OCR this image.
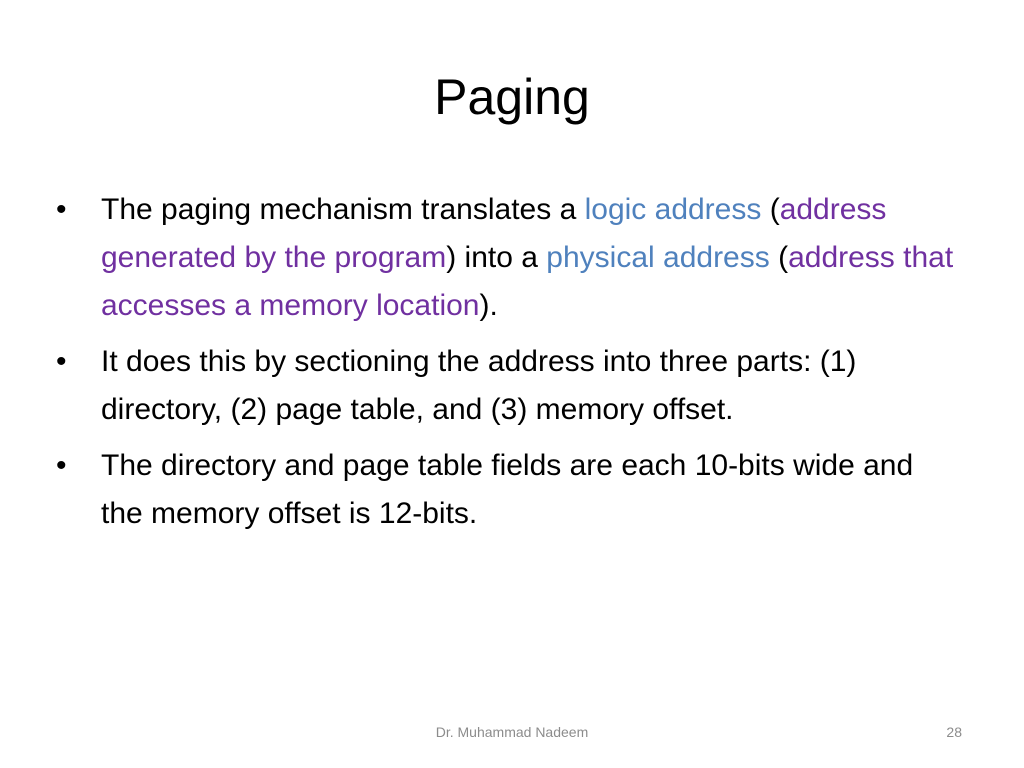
Paging
•	The paging mechanism translates a logic address (address generated by the program) into a physical address (address that accesses a memory location).
•	It does this by sectioning the address into three parts: (1) directory, (2) page table, and (3) memory offset.
•	The directory and page table fields are each 10-bits wide and the memory offset is 12-bits.
Dr. Muhammad Nadeem	28
